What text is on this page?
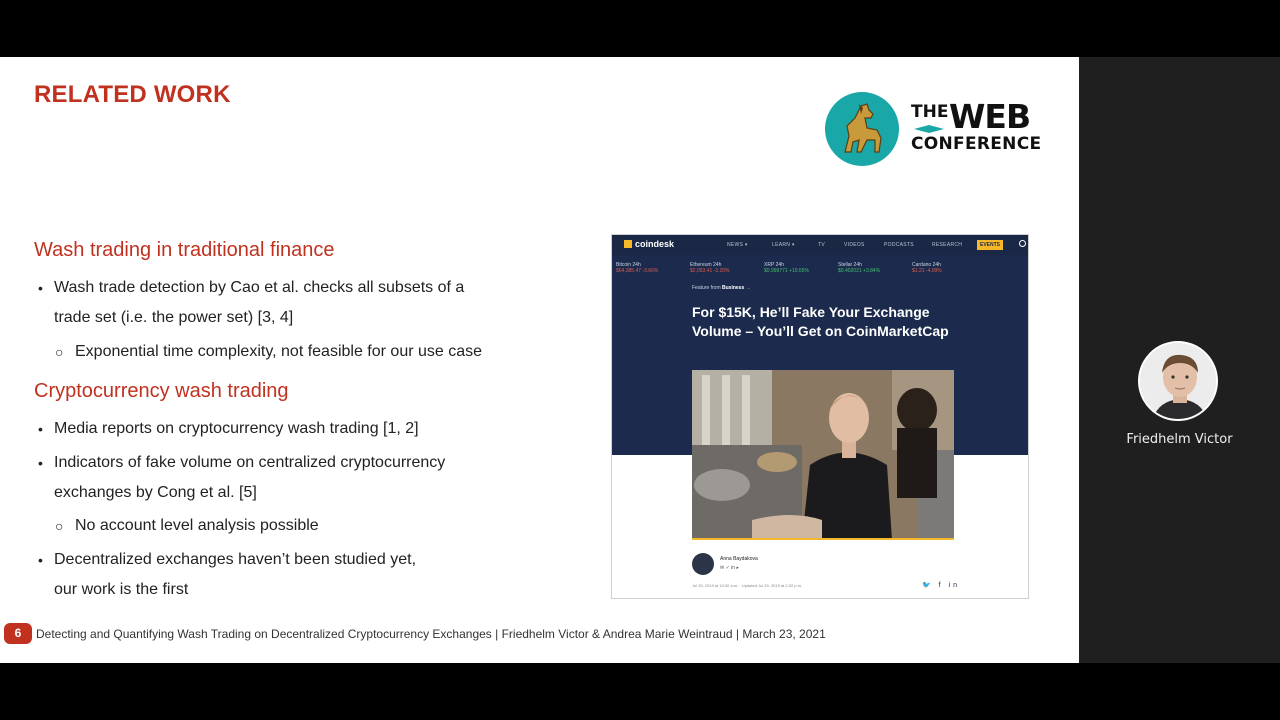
RELATED WORK
THE WEB
CONFERENCE
Wash trading in traditional finance
• Wash trade detection by Cao et al. checks all subsets of a
trade set (i.e. the power set) [3, 4]
○ Exponential time complexity, not feasible for our use case
Cryptocurrency wash trading
• Media reports on cryptocurrency wash trading [1, 2]
• Indicators of fake volume on centralized cryptocurrency
exchanges by Cong et al. [5]
○ No account level analysis possible
• Decentralized exchanges haven’t been studied yet,
our work is the first
coindesk	NEWS ▾	LEARN ▾	TV	VIDEOS	PODCASTS	RESEARCH	EVENTS
Bitcoin 24h
$64,385.47 -3.66%
Ethereum 24h
$2,053.41 -3.20%
XRP 24h
$0.999771 +10.55%
Stellar 24h
$0.402021 +3.84%
Cardano 24h
$1.21 -4.09%
Feature from Business →
For $15K, He’ll Fake Your Exchange Volume – You’ll Get on CoinMarketCap
Anna Baydakova
✉ ✓ in ▸
Jul 30, 2019 at 10:30 a.m. · Updated Jul 29, 2019 at 2:32 p.m.	🐦 f in
6	Detecting and Quantifying Wash Trading on Decentralized Cryptocurrency Exchanges | Friedhelm Victor & Andrea Marie Weintraud | March 23, 2021
Friedhelm Victor
